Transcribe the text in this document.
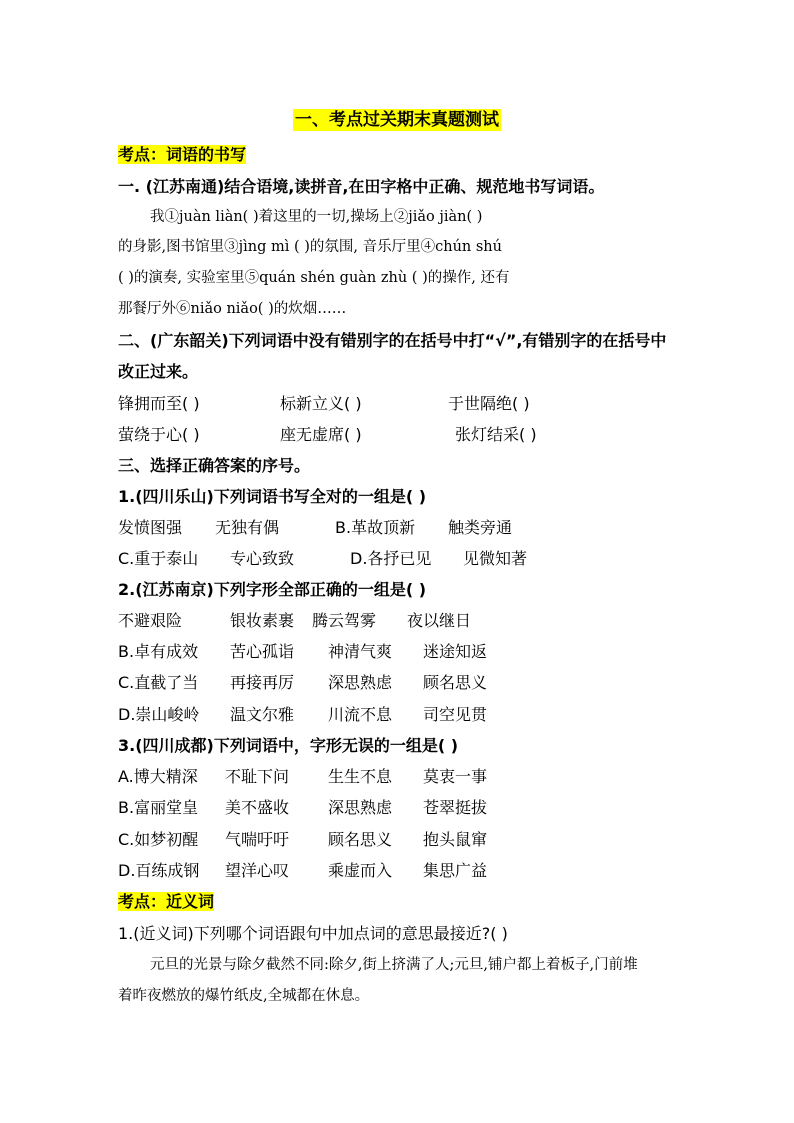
一、考点过关期末真题测试
考点：词语的书写
一. (江苏南通)结合语境,读拼音,在田字格中正确、规范地书写词语。
我①juàn liàn( )着这里的一切,操场上②jiǎo jiàn( )
的身影,图书馆里③jìng mì ( )的氛围, 音乐厅里④chún shú
( )的演奏, 实验室里⑤quán shén guàn zhù ( )的操作, 还有
那餐厅外⑥niǎo niǎo( )的炊烟……
二、(广东韶关)下列词语中没有错别字的在括号中打“√”,有错别字的在括号中
改正过来。
锋拥而至( )	标新立义( )	于世隔绝( )
萤绕于心( )	座无虚席( )	张灯结采( )
三、选择正确答案的序号。
1.(四川乐山)下列词语书写全对的一组是( )
发愤图强 无独有偶	B.革故顶新 触类旁通
C.重于泰山 专心致致	D.各抒已见 见微知著
2.(江苏南京)下列字形全部正确的一组是( )
不避艰险	银妆素裹 腾云驾雾 夜以继日
B.卓有成效 苦心孤诣 神清气爽 迷途知返
C.直截了当 再接再厉 深思熟虑 顾名思义
D.崇山峻岭 温文尔雅 川流不息 司空见贯
3.(四川成都)下列词语中，字形无误的一组是( )
A.博大精深 不耻下问 生生不息 莫衷一事
B.富丽堂皇 美不盛收 深思熟虑 苍翠挺拔
C.如梦初醒 气喘吁吁 顾名思义 抱头鼠窜
D.百练成钢 望洋心叹 乘虚而入 集思广益
考点：近义词
1.(近义词)下列哪个词语跟句中加点词的意思最接近?( )
元旦的光景与除夕截然不同:除夕,街上挤满了人;元旦,铺户都上着板子,门前堆
着昨夜燃放的爆竹纸皮,全城都在休息。
